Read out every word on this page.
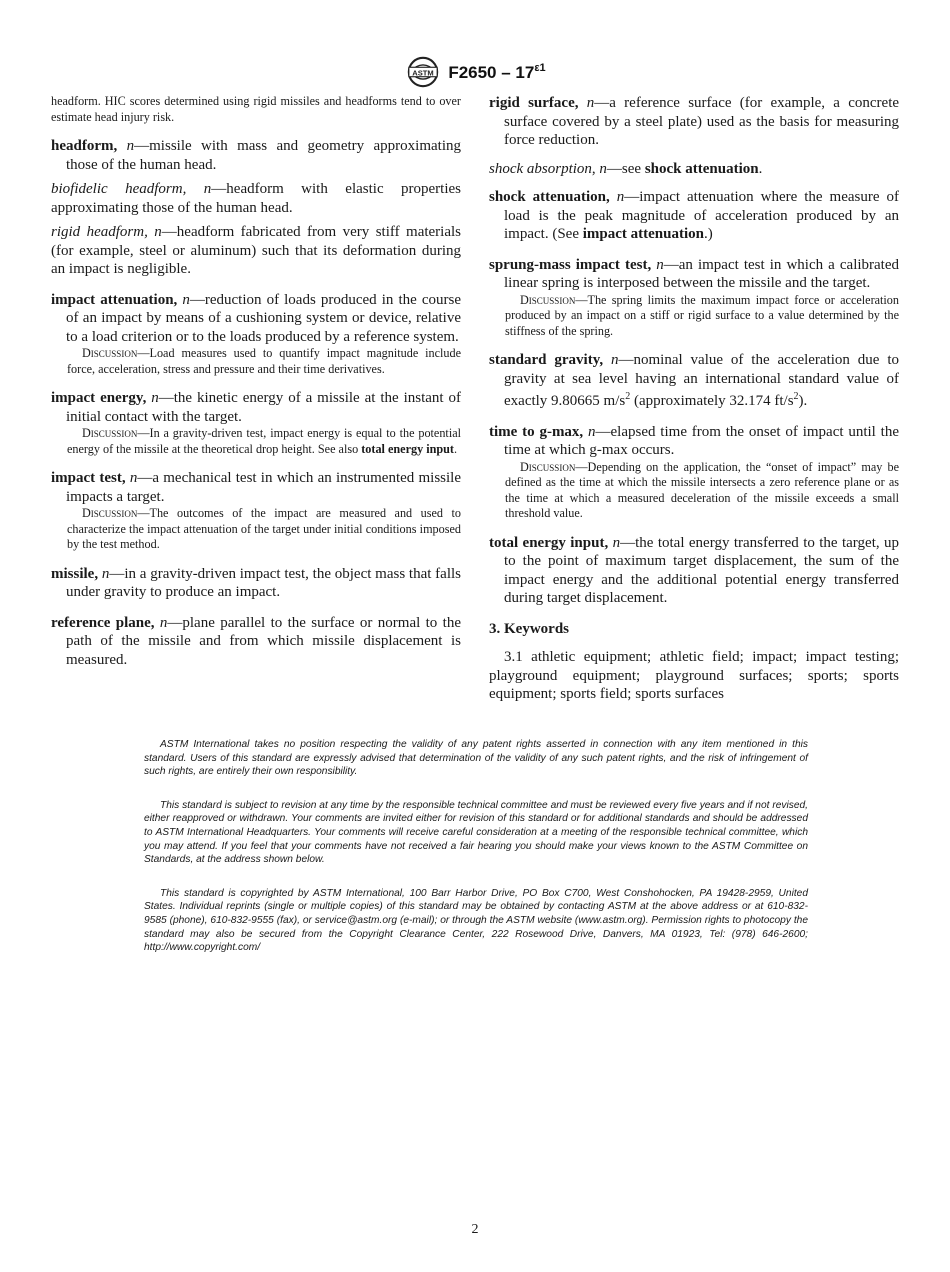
ASTM $F2650 - 17^{\varepsilon 1}$

headform. HIC scores determined using rigid missiles and headforms tend to over estimate head injury risk.

headform, n—missile with mass and geometry approximating those of the human head.

biofidelic headform, n—headform with elastic properties approximating those of the human head.

rigid headform, n—headform fabricated from very stiff materials (for example, steel or aluminum) such that its deformation during an impact is negligible.

impact attenuation, n—reduction of loads produced in the course of an impact by means of a cushioning system or device, relative to a load criterion or to the loads produced by a reference system.

Discussion—Load measures used to quantify impact magnitude include force, acceleration, stress and pressure and their time derivatives.

impact energy, n—the kinetic energy of a missile at the instant of initial contact with the target.

Discussion—In a gravity-driven test, impact energy is equal to the potential energy of the missile at the theoretical drop height. See also total energy input.

impact test, n—a mechanical test in which an instrumented missile impacts a target.

Discussion—The outcomes of the impact are measured and used to characterize the impact attenuation of the target under initial conditions imposed by the test method.

missile, n—in a gravity-driven impact test, the object mass that falls under gravity to produce an impact.

reference plane, n—plane parallel to the surface or normal to the path of the missile and from which missile displacement is measured.

rigid surface, n—a reference surface (for example, a concrete surface covered by a steel plate) used as the basis for measuring force reduction.

shock absorption, n—see shock attenuation.

shock attenuation, n—impact attenuation where the measure of load is the peak magnitude of acceleration produced by an impact. (See impact attenuation.)

sprung-mass impact test, n—an impact test in which a calibrated linear spring is interposed between the missile and the target.

Discussion—The spring limits the maximum impact force or acceleration produced by an impact on a stiff or rigid surface to a value determined by the stiffness of the spring.

standard gravity, n—nominal value of the acceleration due to gravity at sea level having an international standard value of exactly 9.80665 $m/s^2$ (approximately 32.174 $ft/s^2$).

time to g-max, n—elapsed time from the onset of impact until the time at which g-max occurs.

Discussion—Depending on the application, the “onset of impact” may be defined as the time at which the missile intersects a zero reference plane or as the time at which a measured deceleration of the missile exceeds a small threshold value.

total energy input, n—the total energy transferred to the target, up to the point of maximum target displacement, the sum of the impact energy and the additional potential energy transferred during target displacement.

3. Keywords

3.1 athletic equipment; athletic field; impact; impact testing; playground equipment; playground surfaces; sports; sports equipment; sports field; sports surfaces

ASTM International takes no position respecting the validity of any patent rights asserted in connection with any item mentioned in this standard. Users of this standard are expressly advised that determination of the validity of any such patent rights, and the risk of infringement of such rights, are entirely their own responsibility.

This standard is subject to revision at any time by the responsible technical committee and must be reviewed every five years and if not revised, either reapproved or withdrawn. Your comments are invited either for revision of this standard or for additional standards and should be addressed to ASTM International Headquarters. Your comments will receive careful consideration at a meeting of the responsible technical committee, which you may attend. If you feel that your comments have not received a fair hearing you should make your views known to the ASTM Committee on Standards, at the address shown below.

This standard is copyrighted by ASTM International, 100 Barr Harbor Drive, PO Box C700, West Conshohocken, PA 19428-2959, United States. Individual reprints (single or multiple copies) of this standard may be obtained by contacting ASTM at the above address or at 610-832-9585 (phone), 610-832-9555 (fax), or service@astm.org (e-mail); or through the ASTM website (www.astm.org). Permission rights to photocopy the standard may also be secured from the Copyright Clearance Center, 222 Rosewood Drive, Danvers, MA 01923, Tel: (978) 646-2600; http://www.copyright.com/

2
